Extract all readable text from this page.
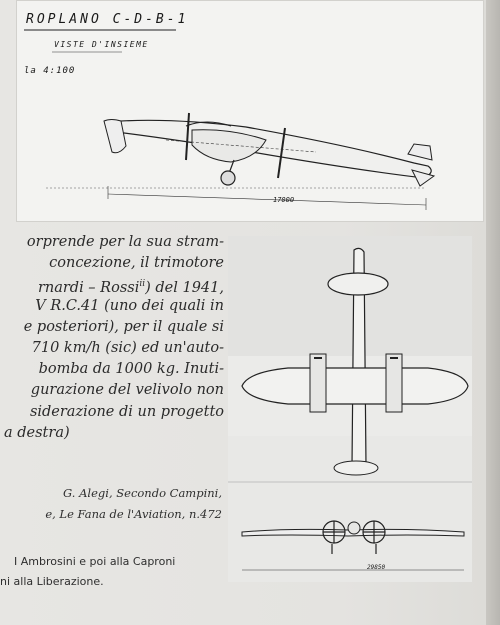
ROPLANO C-D-B-1
VISTE D'INSIEME
la 4:100
17000
orprende per la sua stram-
concezione, il trimotore
rnardi – Rossi$^{ii}$) del 1941,
V R.C.41 (uno dei quali in
e posteriori), per il quale si
710 km/h (sic) ed un'auto-
bomba da 1000 kg. Inuti-
gurazione del velivolo non
siderazione di un progetto
a destra)
G. Alegi, Secondo Campini,
e, Le Fana de l'Aviation, n.472
I Ambrosini e poi alla Caproni
ni alla Liberazione.
29850
